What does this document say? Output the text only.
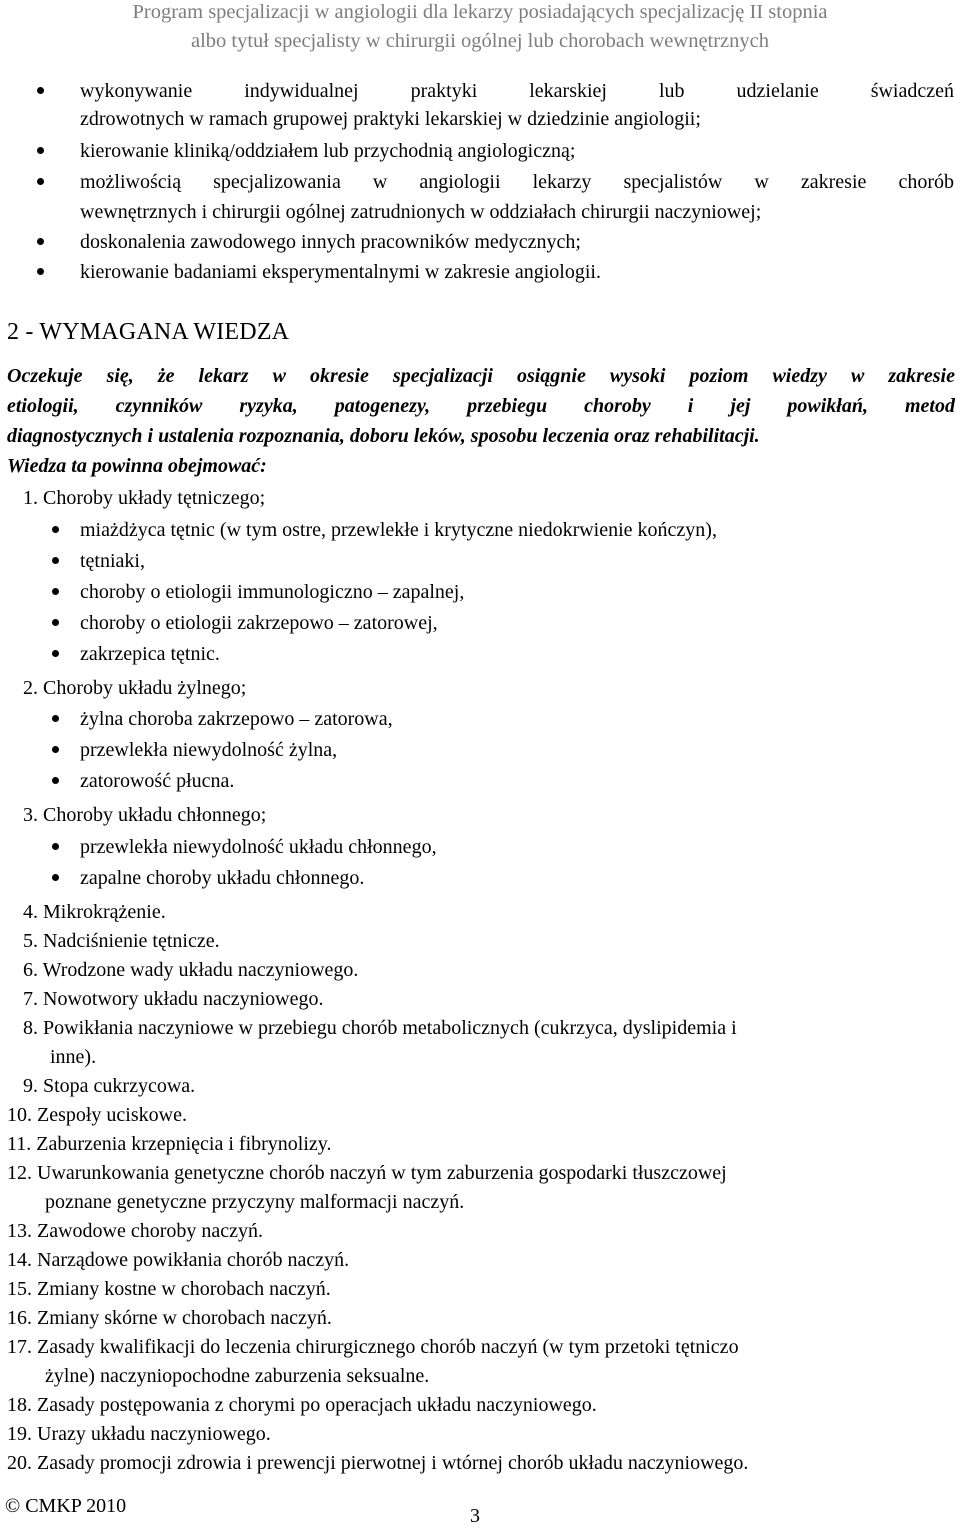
Program specjalizacji w angiologii dla lekarzy posiadających specjalizację II stopnia
albo tytuł specjalisty w chirurgii ogólnej lub chorobach wewnętrznych
wykonywanie indywidualnej praktyki lekarskiej lub udzielanie świadczeń
zdrowotnych w ramach grupowej praktyki lekarskiej w dziedzinie angiologii;
kierowanie kliniką/oddziałem lub przychodnią angiologiczną;
możliwością specjalizowania w angiologii lekarzy specjalistów w zakresie chorób
wewnętrznych i chirurgii ogólnej zatrudnionych w oddziałach chirurgii naczyniowej;
doskonalenia zawodowego innych pracowników medycznych;
kierowanie badaniami eksperymentalnymi w zakresie angiologii.
2 - WYMAGANA WIEDZA
Oczekuje się, że lekarz w okresie specjalizacji osiągnie wysoki poziom wiedzy w zakresie
etiologii, czynników ryzyka, patogenezy, przebiegu choroby i jej powikłań, metod
diagnostycznych i ustalenia rozpoznania, doboru leków, sposobu leczenia oraz rehabilitacji.
Wiedza ta powinna obejmować:
1. Choroby układy tętniczego;
miażdżyca tętnic (w tym ostre, przewlekłe i krytyczne niedokrwienie kończyn),
tętniaki,
choroby o etiologii immunologiczno – zapalnej,
choroby o etiologii zakrzepowo – zatorowej,
zakrzepica tętnic.
2. Choroby układu żylnego;
żylna choroba zakrzepowo – zatorowa,
przewlekła niewydolność żylna,
zatorowość płucna.
3. Choroby układu chłonnego;
przewlekła niewydolność układu chłonnego,
zapalne choroby układu chłonnego.
4. Mikrokrążenie.
5. Nadciśnienie tętnicze.
6. Wrodzone wady układu naczyniowego.
7. Nowotwory układu naczyniowego.
8. Powikłania naczyniowe w przebiegu chorób metabolicznych (cukrzyca, dyslipidemia i
inne).
9. Stopa cukrzycowa.
10. Zespoły uciskowe.
11. Zaburzenia krzepnięcia i fibrynolizy.
12. Uwarunkowania genetyczne chorób naczyń w tym zaburzenia gospodarki tłuszczowej
poznane genetyczne przyczyny malformacji naczyń.
13. Zawodowe choroby naczyń.
14. Narządowe powikłania chorób naczyń.
15. Zmiany kostne w chorobach naczyń.
16. Zmiany skórne w chorobach naczyń.
17. Zasady kwalifikacji do leczenia chirurgicznego chorób naczyń (w tym przetoki tętniczo
żylne) naczyniopochodne zaburzenia seksualne.
18. Zasady postępowania z chorymi po operacjach układu naczyniowego.
19. Urazy układu naczyniowego.
20. Zasady promocji zdrowia i prewencji pierwotnej i wtórnej chorób układu naczyniowego.
© CMKP 2010	3
